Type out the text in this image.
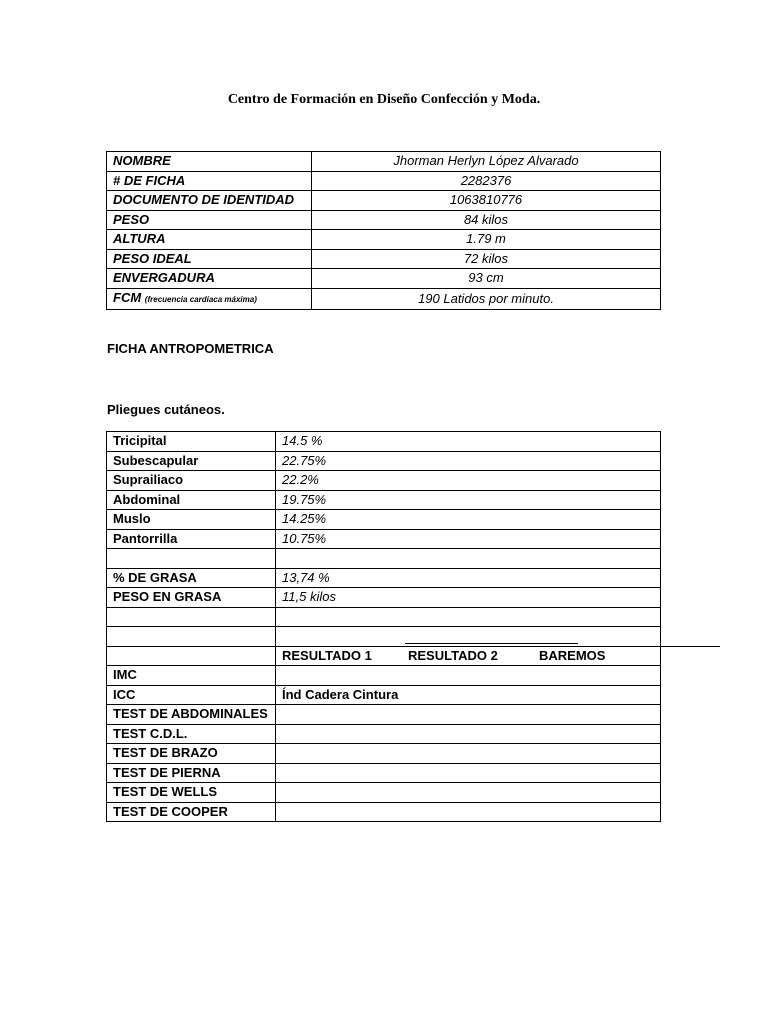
Centro de Formación en Diseño Confección y Moda.
NOMBRE	Jhorman Herlyn López Alvarado
# DE FICHA	2282376
DOCUMENTO DE IDENTIDAD	1063810776
PESO	84 kilos
ALTURA	1.79 m
PESO IDEAL	72 kilos
ENVERGADURA	93 cm
FCM (frecuencia cardíaca máxima)	190 Latidos por minuto.
FICHA ANTROPOMETRICA
Pliegues cutáneos.
Tricipital	14.5 %
Subescapular	22.75%
Suprailiaco	22.2%
Abdominal	19.75%
Muslo	14.25%
Pantorrilla	10.75%

% DE GRASA	13,74 %
PESO EN GRASA	11,5 kilos

	RESULTADO 1 RESULTADO 2 BAREMOS
IMC	
ICC	Índ Cadera Cintura
TEST DE ABDOMINALES	
TEST C.D.L.	
TEST DE BRAZO	
TEST DE PIERNA	
TEST DE WELLS	
TEST DE COOPER	
